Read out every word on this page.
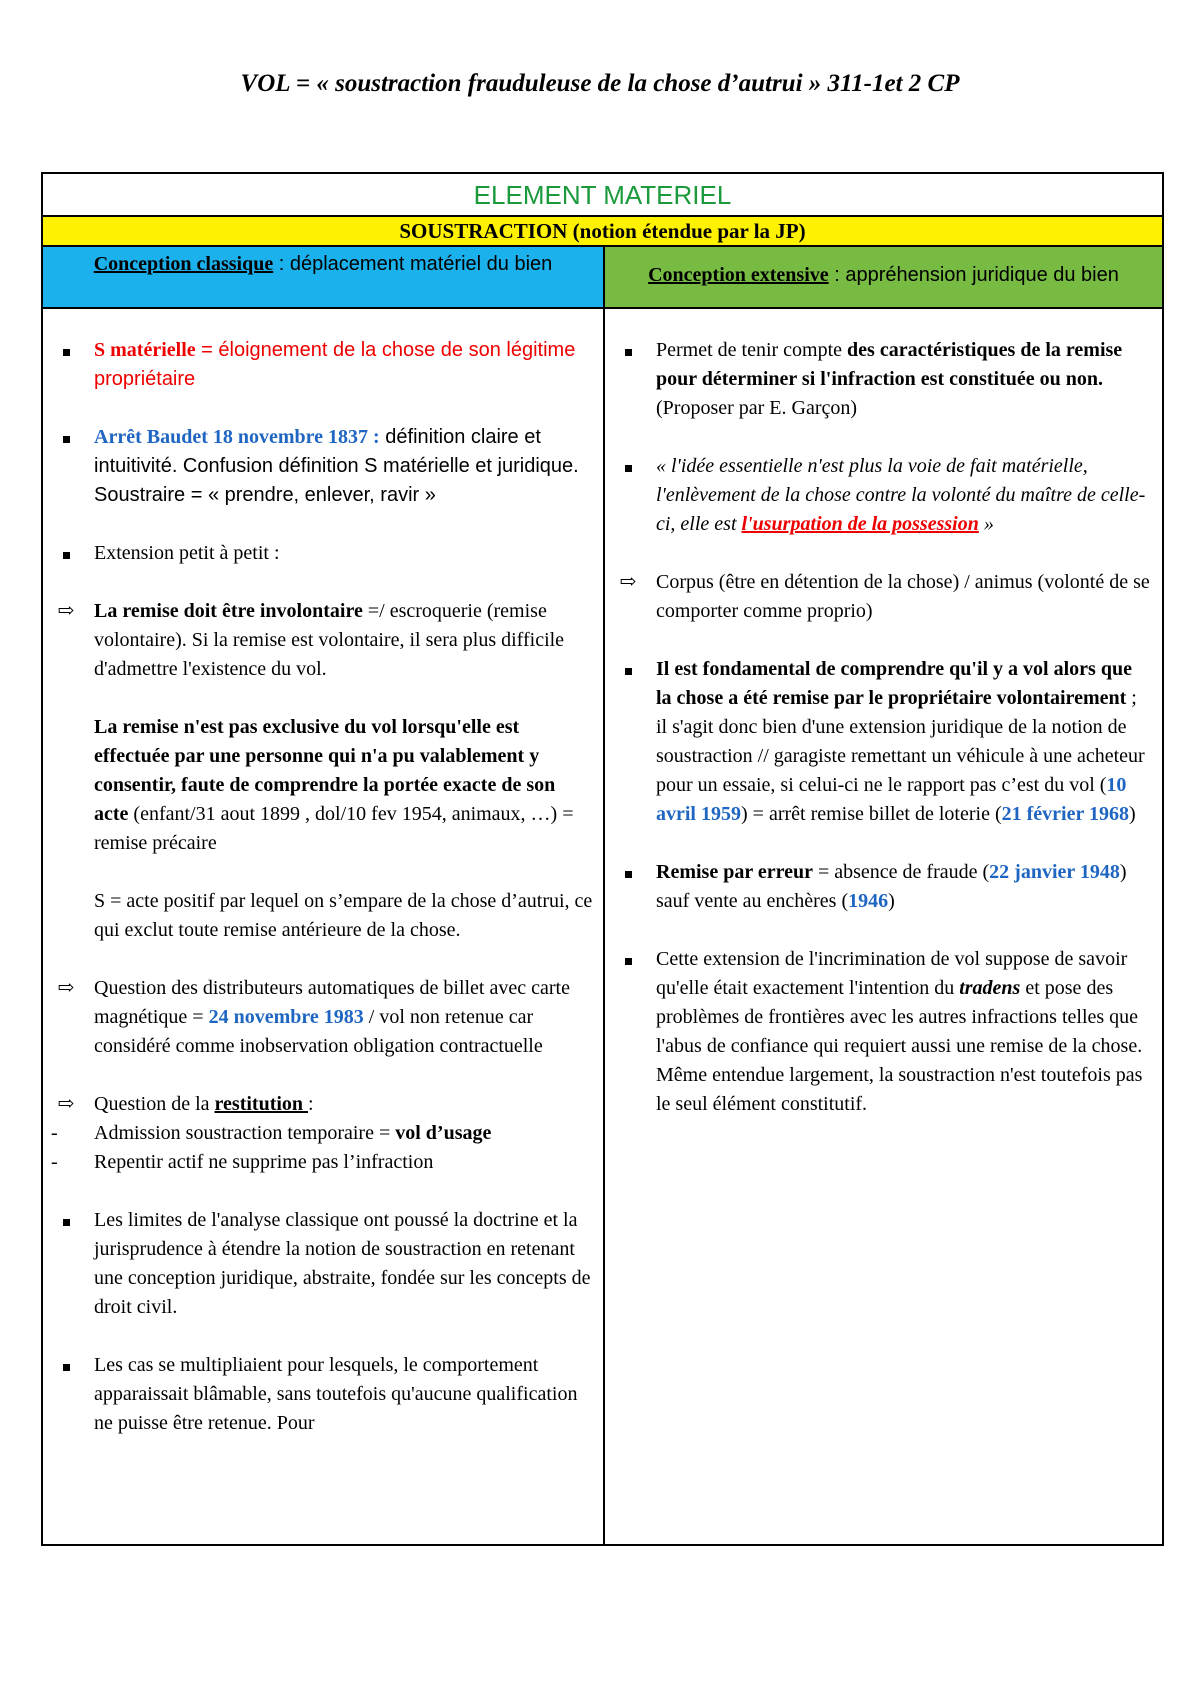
VOL = « soustraction frauduleuse de la chose d’autrui » 311-1et 2 CP
ELEMENT MATERIEL
SOUSTRACTION (notion étendue par la JP)
Conception classique : déplacement matériel du bien	Conception extensive : appréhension juridique du bien
S matérielle = éloignement de la chose de son légitime propriétaire
Arrêt Baudet 18 novembre 1837 : définition claire et intuitivité. Confusion définition S matérielle et juridique. Soustraire = « prendre, enlever, ravir »
Extension petit à petit :
⇨ La remise doit être involontaire =/ escroquerie (remise volontaire). Si la remise est volontaire, il sera plus difficile d'admettre l'existence du vol.
La remise n'est pas exclusive du vol lorsqu'elle est effectuée par une personne qui n'a pu valablement y consentir, faute de comprendre la portée exacte de son acte (enfant/31 aout 1899 , dol/10 fev 1954, animaux, …) = remise précaire
S = acte positif par lequel on s’empare de la chose d’autrui, ce qui exclut toute remise antérieure de la chose.
⇨ Question des distributeurs automatiques de billet avec carte magnétique = 24 novembre 1983 / vol non retenue car considéré comme inobservation obligation contractuelle
⇨ Question de la restitution :
- Admission soustraction temporaire = vol d’usage
- Repentir actif ne supprime pas l’infraction
Les limites de l'analyse classique ont poussé la doctrine et la jurisprudence à étendre la notion de soustraction en retenant une conception juridique, abstraite, fondée sur les concepts de droit civil.
Les cas se multipliaient pour lesquels, le comportement apparaissait blâmable, sans toutefois qu'aucune qualification ne puisse être retenue. Pour
Permet de tenir compte des caractéristiques de la remise pour déterminer si l'infraction est constituée ou non. (Proposer par E. Garçon)
« l'idée essentielle n'est plus la voie de fait matérielle, l'enlèvement de la chose contre la volonté du maître de celle-ci, elle est l'usurpation de la possession »
⇨ Corpus (être en détention de la chose) / animus (volonté de se comporter comme proprio)
Il est fondamental de comprendre qu'il y a vol alors que la chose a été remise par le propriétaire volontairement ; il s'agit donc bien d'une extension juridique de la notion de soustraction // garagiste remettant un véhicule à une acheteur pour un essaie, si celui-ci ne le rapport pas c’est du vol (10 avril 1959) = arrêt remise billet de loterie (21 février 1968)
Remise par erreur = absence de fraude (22 janvier 1948) sauf vente au enchères (1946)
Cette extension de l'incrimination de vol suppose de savoir qu'elle était exactement l'intention du tradens et pose des problèmes de frontières avec les autres infractions telles que l'abus de confiance qui requiert aussi une remise de la chose. Même entendue largement, la soustraction n'est toutefois pas le seul élément constitutif.
